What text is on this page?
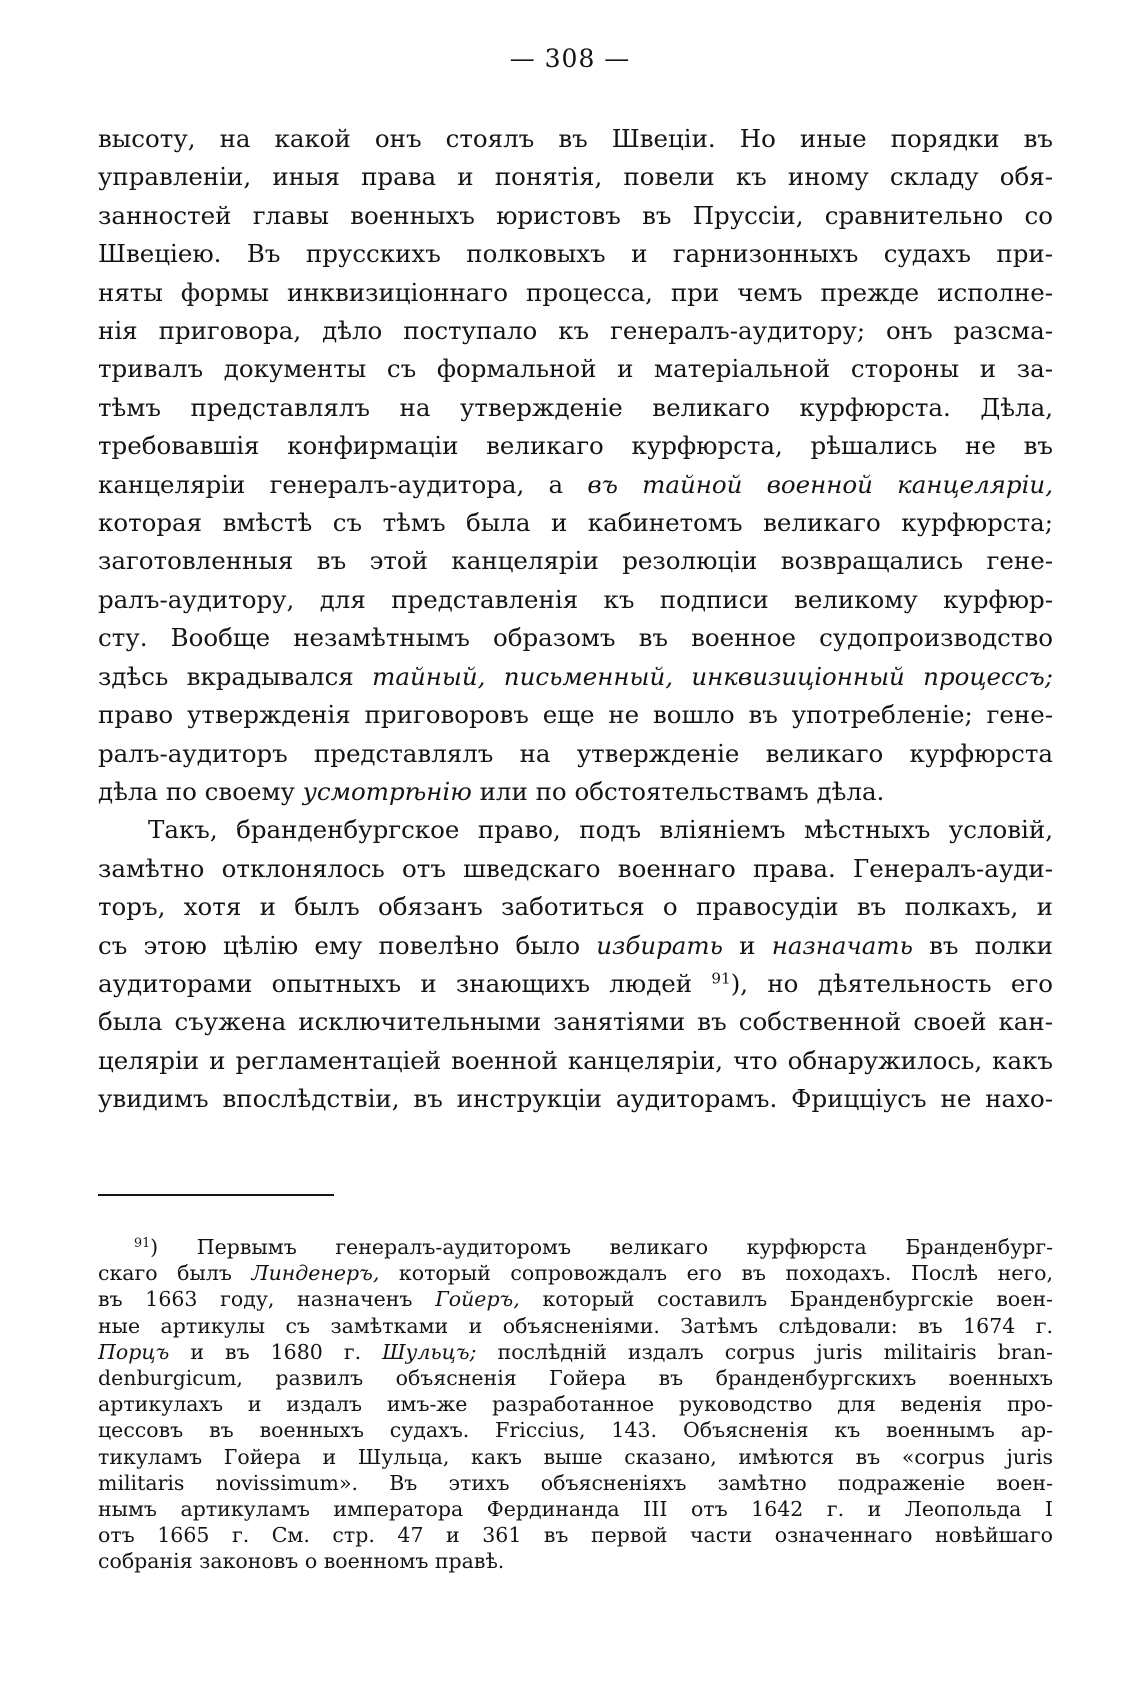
— 308 —
высоту, на какой онъ стоялъ въ Швеціи. Но иные порядки въ
управленіи, иныя права и понятія, повели къ иному складу обя-
занностей главы военныхъ юристовъ въ Пруссіи, сравнительно со
Швеціею. Въ прусскихъ полковыхъ и гарнизонныхъ судахъ при-
няты формы инквизиціоннаго процесса, при чемъ прежде исполне-
нія приговора, дѣло поступало къ генералъ-аудитору; онъ разсма-
тривалъ документы съ формальной и матеріальной стороны и за-
тѣмъ представлялъ на утвержденіе великаго курфюрста. Дѣла,
требовавшія конфирмаціи великаго курфюрста, рѣшались не въ
канцеляріи генералъ-аудитора, а въ тайной военной канцеляріи,
которая вмѣстѣ съ тѣмъ была и кабинетомъ великаго курфюрста;
заготовленныя въ этой канцеляріи резолюціи возвращались гене-
ралъ-аудитору, для представленія къ подписи великому курфюр-
сту. Вообще незамѣтнымъ образомъ въ военное судопроизводство
здѣсь вкрадывался тайный, письменный, инквизиціонный процессъ;
право утвержденія приговоровъ еще не вошло въ употребленіе; гене-
ралъ-аудиторъ представлялъ на утвержденіе великаго курфюрста
дѣла по своему усмотрѣнію или по обстоятельствамъ дѣла.
Такъ, бранденбургское право, подъ вліяніемъ мѣстныхъ условій,
замѣтно отклонялось отъ шведскаго военнаго права. Генералъ-ауди-
торъ, хотя и былъ обязанъ заботиться о правосудіи въ полкахъ, и
съ этою цѣлію ему повелѣно было избирать и назначать въ полки
аудиторами опытныхъ и знающихъ людей $^{91}$), но дѣятельность его
была съужена исключительными занятіями въ собственной своей кан-
целяріи и регламентаціей военной канцеляріи, что обнаружилось, какъ
увидимъ впослѣдствіи, въ инструкціи аудиторамъ. Фрицціусъ не нахо-
$^{91}$) Первымъ генералъ-аудиторомъ великаго курфюрста Бранденбург-
скаго былъ Линденеръ, который сопровождалъ его въ походахъ. Послѣ него,
въ 1663 году, назначенъ Гойеръ, который составилъ Бранденбургскіе воен-
ные артикулы съ замѣтками и объясненіями. Затѣмъ слѣдовали: въ 1674 г.
Порцъ и въ 1680 г. Шульцъ; послѣдній издалъ corpus juris militairis bran-
denburgicum, развилъ объясненія Гойера въ бранденбургскихъ военныхъ
артикулахъ и издалъ имъ-же разработанное руководство для веденія про-
цессовъ въ военныхъ судахъ. Friccius, 143. Объясненія къ военнымъ ар-
тикуламъ Гойера и Шульца, какъ выше сказано, имѣются въ «corpus juris
militaris novissimum». Въ этихъ объясненіяхъ замѣтно подраженіе воен-
нымъ артикуламъ императора Фердинанда III отъ 1642 г. и Леопольда I
отъ 1665 г. См. стр. 47 и 361 въ первой части означеннаго новѣйшаго
собранія законовъ о военномъ правѣ.
